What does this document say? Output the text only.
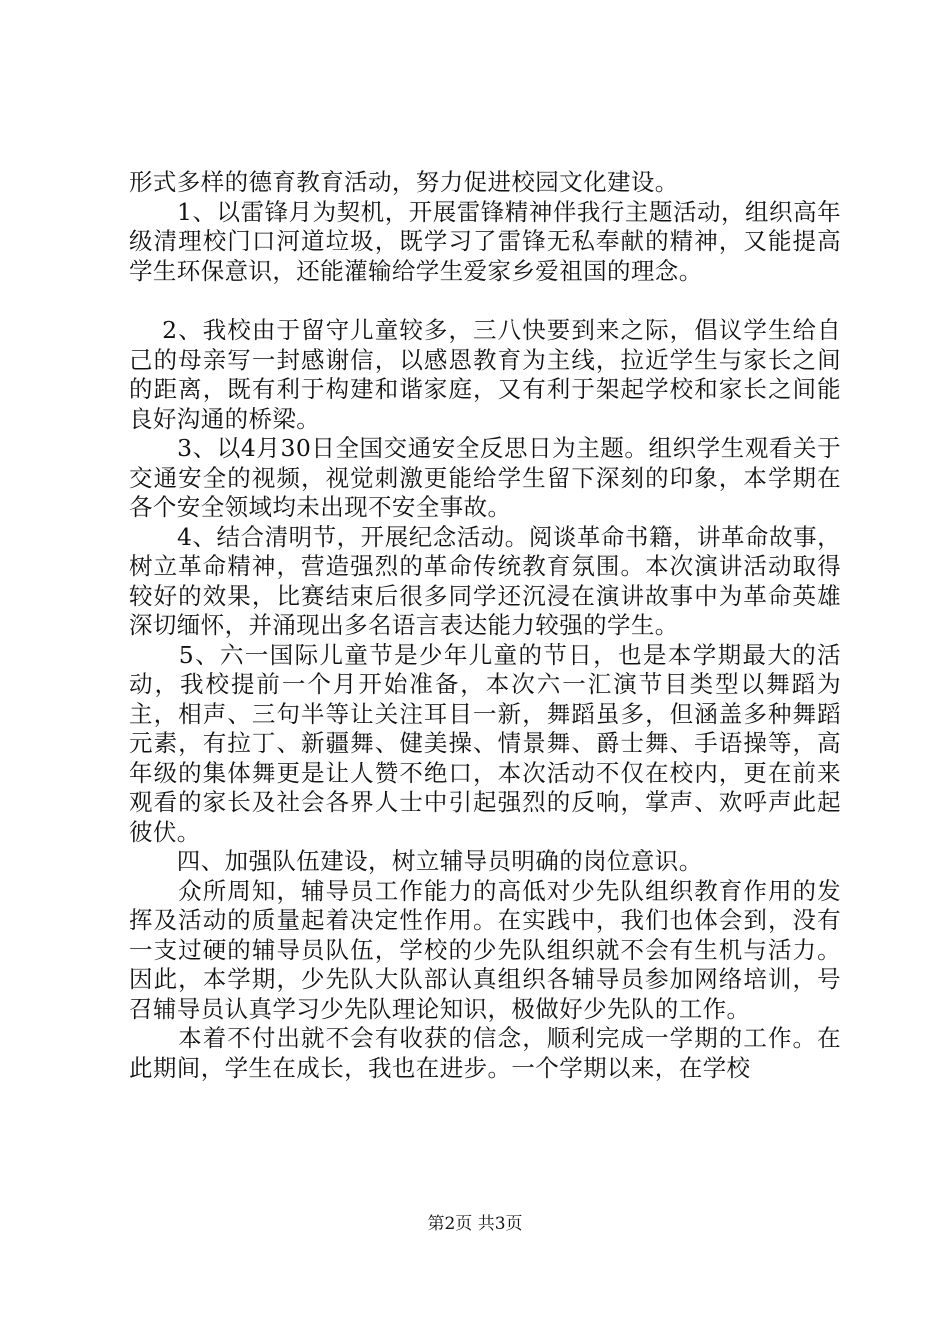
形式多样的德育教育活动，努力促进校园文化建设。

　　1、以雷锋月为契机，开展雷锋精神伴我行主题活动，组织高年级清理校门口河道垃圾，既学习了雷锋无私奉献的精神，又能提高学生环保意识，还能灌输给学生爱家乡爱祖国的理念。

　 2、我校由于留守儿童较多，三八快要到来之际，倡议学生给自己的母亲写一封感谢信，以感恩教育为主线，拉近学生与家长之间的距离，既有利于构建和谐家庭，又有利于架起学校和家长之间能良好沟通的桥梁。

　　3、以4月30日全国交通安全反思日为主题。组织学生观看关于交通安全的视频，视觉刺激更能给学生留下深刻的印象，本学期在各个安全领域均未出现不安全事故。

　　4、结合清明节，开展纪念活动。阅谈革命书籍，讲革命故事，树立革命精神，营造强烈的革命传统教育氛围。本次演讲活动取得较好的效果，比赛结束后很多同学还沉浸在演讲故事中为革命英雄深切缅怀，并涌现出多名语言表达能力较强的学生。

　　5、六一国际儿童节是少年儿童的节日，也是本学期最大的活动，我校提前一个月开始准备，本次六一汇演节目类型以舞蹈为主，相声、三句半等让关注耳目一新，舞蹈虽多，但涵盖多种舞蹈元素，有拉丁、新疆舞、健美操、情景舞、爵士舞、手语操等，高年级的集体舞更是让人赞不绝口，本次活动不仅在校内，更在前来观看的家长及社会各界人士中引起强烈的反响，掌声、欢呼声此起彼伏。

　　四、加强队伍建设，树立辅导员明确的岗位意识。

　　众所周知，辅导员工作能力的高低对少先队组织教育作用的发挥及活动的质量起着决定性作用。在实践中，我们也体会到，没有一支过硬的辅导员队伍，学校的少先队组织就不会有生机与活力。因此，本学期，少先队大队部认真组织各辅导员参加网络培训，号召辅导员认真学习少先队理论知识，极做好少先队的工作。

　　本着不付出就不会有收获的信念，顺利完成一学期的工作。在此期间，学生在成长，我也在进步。一个学期以来，在学校

第2页 共3页
